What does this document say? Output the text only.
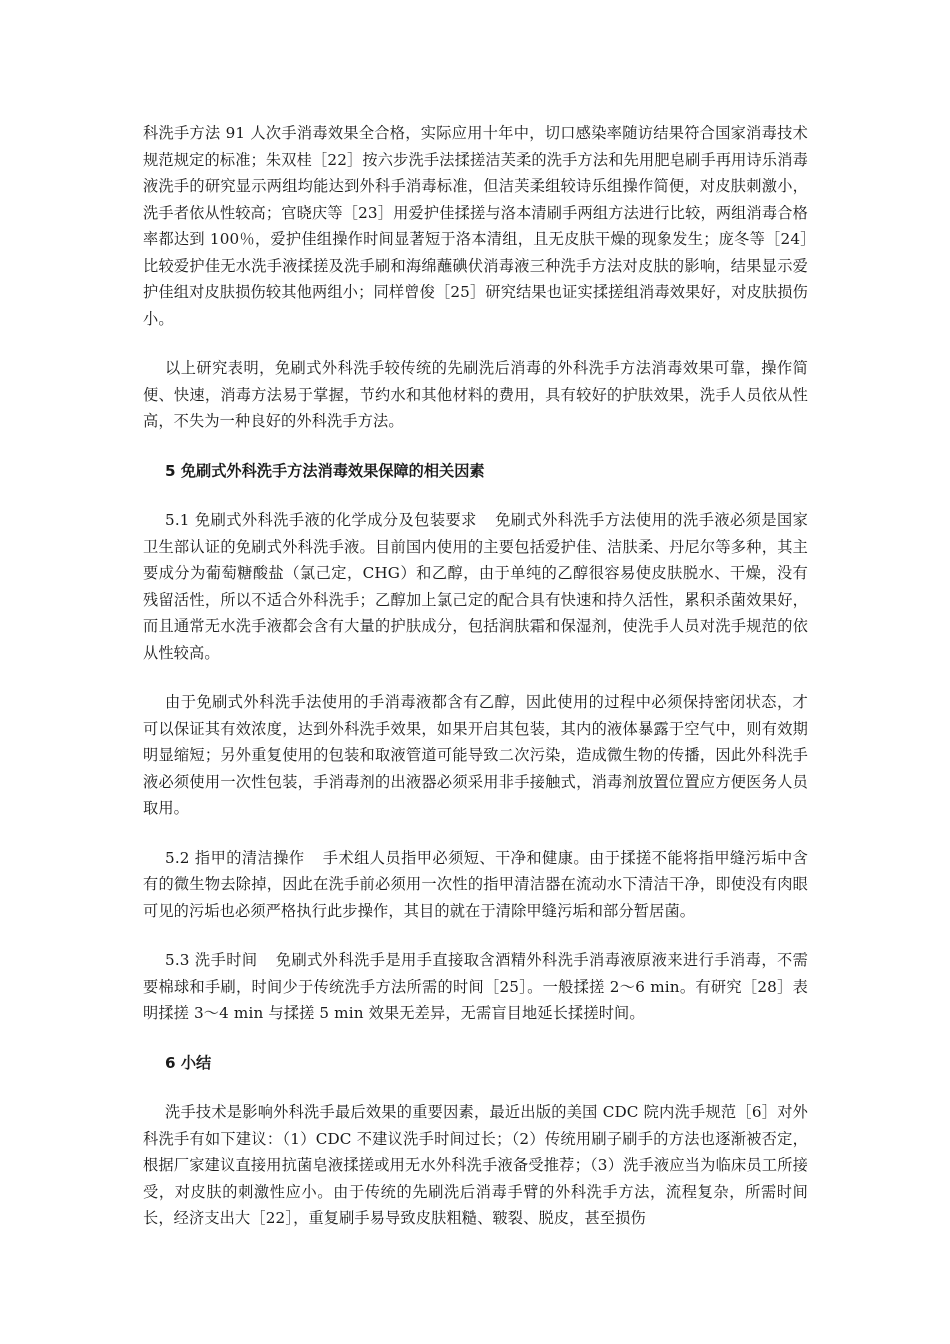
科洗手方法 91 人次手消毒效果全合格，实际应用十年中，切口感染率随访结果符合国家消毒技术规范规定的标准；朱双桂［22］按六步洗手法揉搓洁芙柔的洗手方法和先用肥皂刷手再用诗乐消毒液洗手的研究显示两组均能达到外科手消毒标准，但洁芙柔组较诗乐组操作简便，对皮肤刺激小，洗手者依从性较高；官晓庆等［23］用爱护佳揉搓与洛本清刷手两组方法进行比较，两组消毒合格率都达到 100％，爱护佳组操作时间显著短于洛本清组，且无皮肤干燥的现象发生；庞冬等［24］比较爱护佳无水洗手液揉搓及洗手刷和海绵蘸碘伏消毒液三种洗手方法对皮肤的影响，结果显示爱护佳组对皮肤损伤较其他两组小；同样曾俊［25］研究结果也证实揉搓组消毒效果好，对皮肤损伤小。

以上研究表明，免刷式外科洗手较传统的先刷洗后消毒的外科洗手方法消毒效果可靠，操作简便、快速，消毒方法易于掌握，节约水和其他材料的费用，具有较好的护肤效果，洗手人员依从性高，不失为一种良好的外科洗手方法。

5 免刷式外科洗手方法消毒效果保障的相关因素

5.1 免刷式外科洗手液的化学成分及包装要求 免刷式外科洗手方法使用的洗手液必须是国家卫生部认证的免刷式外科洗手液。目前国内使用的主要包括爱护佳、洁肤柔、丹尼尔等多种，其主要成分为葡萄糖酸盐（氯己定，CHG）和乙醇，由于单纯的乙醇很容易使皮肤脱水、干燥，没有残留活性，所以不适合外科洗手；乙醇加上氯己定的配合具有快速和持久活性，累积杀菌效果好，而且通常无水洗手液都会含有大量的护肤成分，包括润肤霜和保湿剂，使洗手人员对洗手规范的依从性较高。

由于免刷式外科洗手法使用的手消毒液都含有乙醇，因此使用的过程中必须保持密闭状态，才可以保证其有效浓度，达到外科洗手效果，如果开启其包装，其内的液体暴露于空气中，则有效期明显缩短；另外重复使用的包装和取液管道可能导致二次污染，造成微生物的传播，因此外科洗手液必须使用一次性包装，手消毒剂的出液器必须采用非手接触式，消毒剂放置位置应方便医务人员取用。

5.2 指甲的清洁操作 手术组人员指甲必须短、干净和健康。由于揉搓不能将指甲缝污垢中含有的微生物去除掉，因此在洗手前必须用一次性的指甲清洁器在流动水下清洁干净，即使没有肉眼可见的污垢也必须严格执行此步操作，其目的就在于清除甲缝污垢和部分暂居菌。

5.3 洗手时间 免刷式外科洗手是用手直接取含酒精外科洗手消毒液原液来进行手消毒，不需要棉球和手刷，时间少于传统洗手方法所需的时间［25］。一般揉搓 2～6 min。有研究［28］表明揉搓 3～4 min 与揉搓 5 min 效果无差异，无需盲目地延长揉搓时间。

6 小结

洗手技术是影响外科洗手最后效果的重要因素，最近出版的美国 CDC 院内洗手规范［6］对外科洗手有如下建议：（1）CDC 不建议洗手时间过长；（2）传统用刷子刷手的方法也逐渐被否定，根据厂家建议直接用抗菌皂液揉搓或用无水外科洗手液备受推荐；（3）洗手液应当为临床员工所接受，对皮肤的刺激性应小。由于传统的先刷洗后消毒手臂的外科洗手方法，流程复杂，所需时间长，经济支出大［22］，重复刷手易导致皮肤粗糙、皲裂、脱皮，甚至损伤
